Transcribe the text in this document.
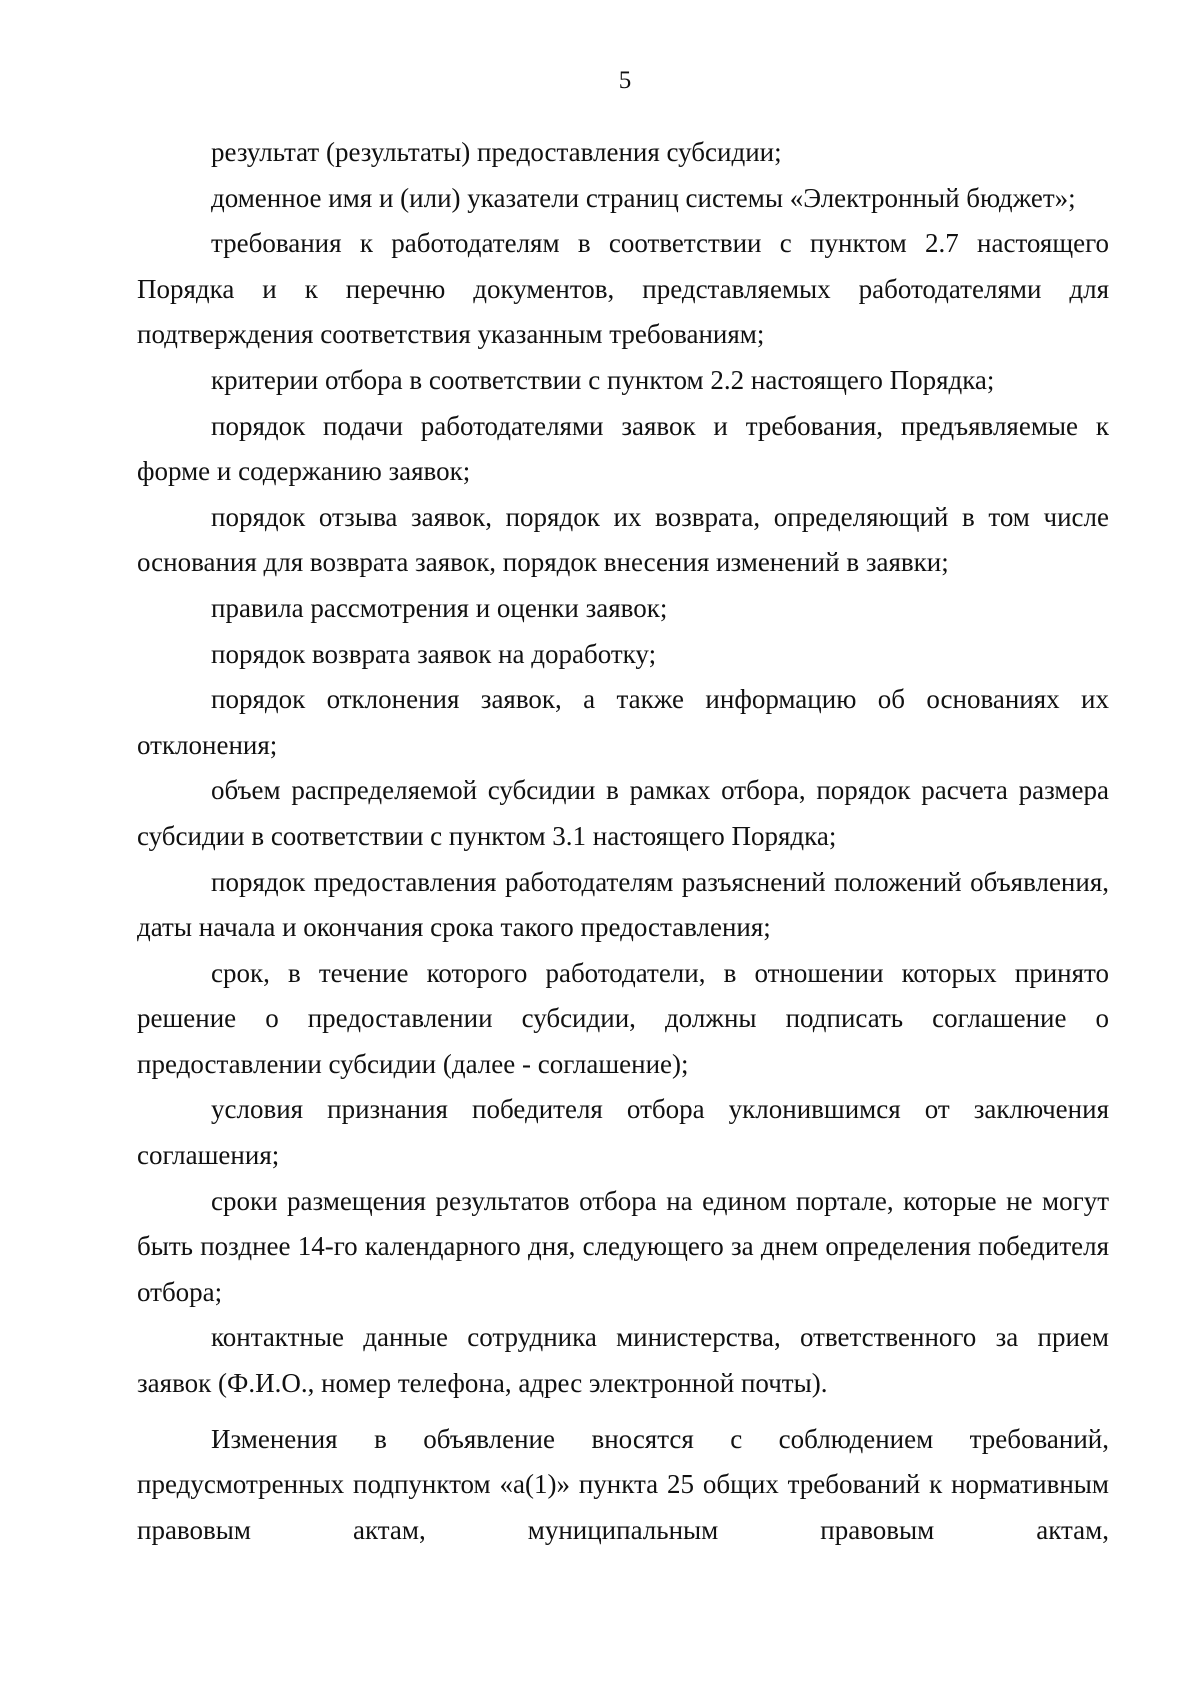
5

результат (результаты) предоставления субсидии;

доменное имя и (или) указатели страниц системы «Электронный бюджет»;

требования к работодателям в соответствии с пунктом 2.7 настоящего Порядка и к перечню документов, представляемых работодателями для подтверждения соответствия указанным требованиям;

критерии отбора в соответствии с пунктом 2.2 настоящего Порядка;

порядок подачи работодателями заявок и требования, предъявляемые к форме и содержанию заявок;

порядок отзыва заявок, порядок их возврата, определяющий в том числе основания для возврата заявок, порядок внесения изменений в заявки;

правила рассмотрения и оценки заявок;

порядок возврата заявок на доработку;

порядок отклонения заявок, а также информацию об основаниях их отклонения;

объем распределяемой субсидии в рамках отбора, порядок расчета размера субсидии в соответствии с пунктом 3.1 настоящего Порядка;

порядок предоставления работодателям разъяснений положений объявления, даты начала и окончания срока такого предоставления;

срок, в течение которого работодатели, в отношении которых принято решение о предоставлении субсидии, должны подписать соглашение о предоставлении субсидии (далее - соглашение);

условия признания победителя отбора уклонившимся от заключения соглашения;

сроки размещения результатов отбора на едином портале, которые не могут быть позднее 14-го календарного дня, следующего за днем определения победителя отбора;

контактные данные сотрудника министерства, ответственного за прием заявок (Ф.И.О., номер телефона, адрес электронной почты).

Изменения в объявление вносятся с соблюдением требований, предусмотренных подпунктом «а(1)» пункта 25 общих требований к нормативным правовым актам, муниципальным правовым актам,
